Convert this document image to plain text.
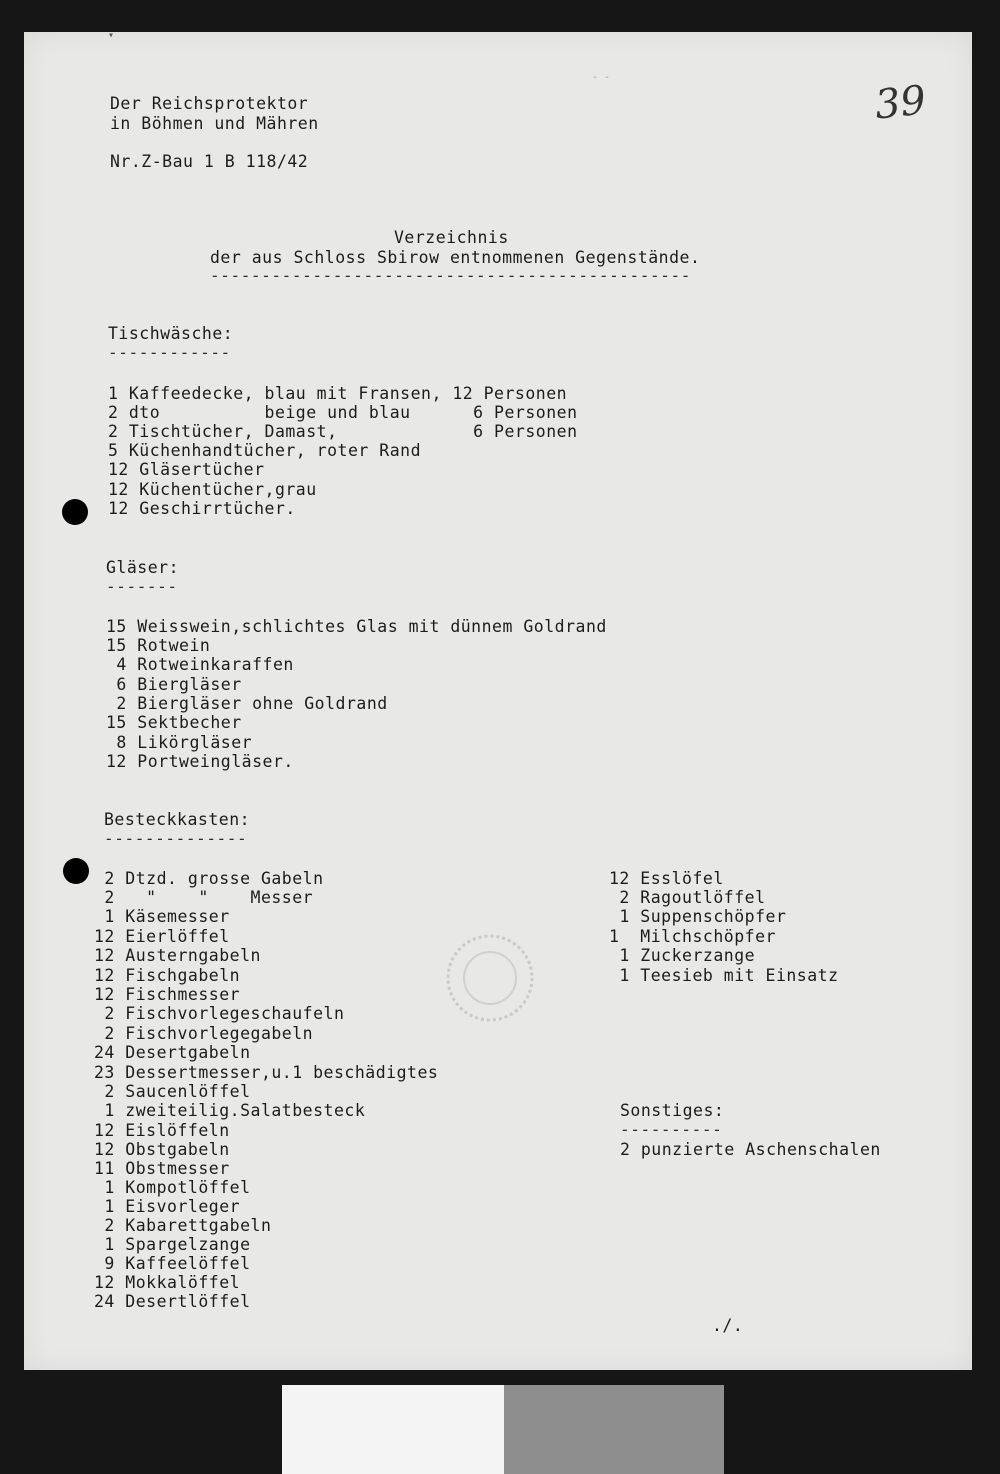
▾
- -	39
Der Reichsprotektor
in Böhmen und Mähren
Nr.Z-Bau 1 B 118/42
Verzeichnis
der aus Schloss Sbirow entnommenen Gegenstände.
-----------------------------------------------
Tischwäsche:
------------
1 Kaffeedecke, blau mit Fransen, 12 Personen
2 dto          beige und blau      6 Personen
2 Tischtücher, Damast,             6 Personen
5 Küchenhandtücher, roter Rand
12 Gläsertücher
12 Küchentücher,grau
12 Geschirrtücher.
Gläser:
-------
15 Weisswein,schlichtes Glas mit dünnem Goldrand
15 Rotwein
4 Rotweinkaraffen
6 Biergläser
2 Biergläser ohne Goldrand
15 Sektbecher
8 Likörgläser
12 Portweingläser.
Besteckkasten:
--------------
2 Dtzd. grosse Gabeln
2   "    "    Messer
1 Käsemesser
12 Eierlöffel
12 Austerngabeln
12 Fischgabeln
12 Fischmesser
2 Fischvorlegeschaufeln
2 Fischvorlegegabeln
24 Desertgabeln
23 Dessertmesser,u.1 beschädigtes
2 Saucenlöffel
1 zweiteilig.Salatbesteck
12 Eislöffeln
12 Obstgabeln
11 Obstmesser
1 Kompotlöffel
1 Eisvorleger
2 Kabarettgabeln
1 Spargelzange
9 Kaffeelöffel
12 Mokkalöffel
24 Desertlöffel
12 Esslöfel
2 Ragoutlöffel
1 Suppenschöpfer
1  Milchschöpfer
1 Zuckerzange
1 Teesieb mit Einsatz
Sonstiges:
----------
2 punzierte Aschenschalen
./.
